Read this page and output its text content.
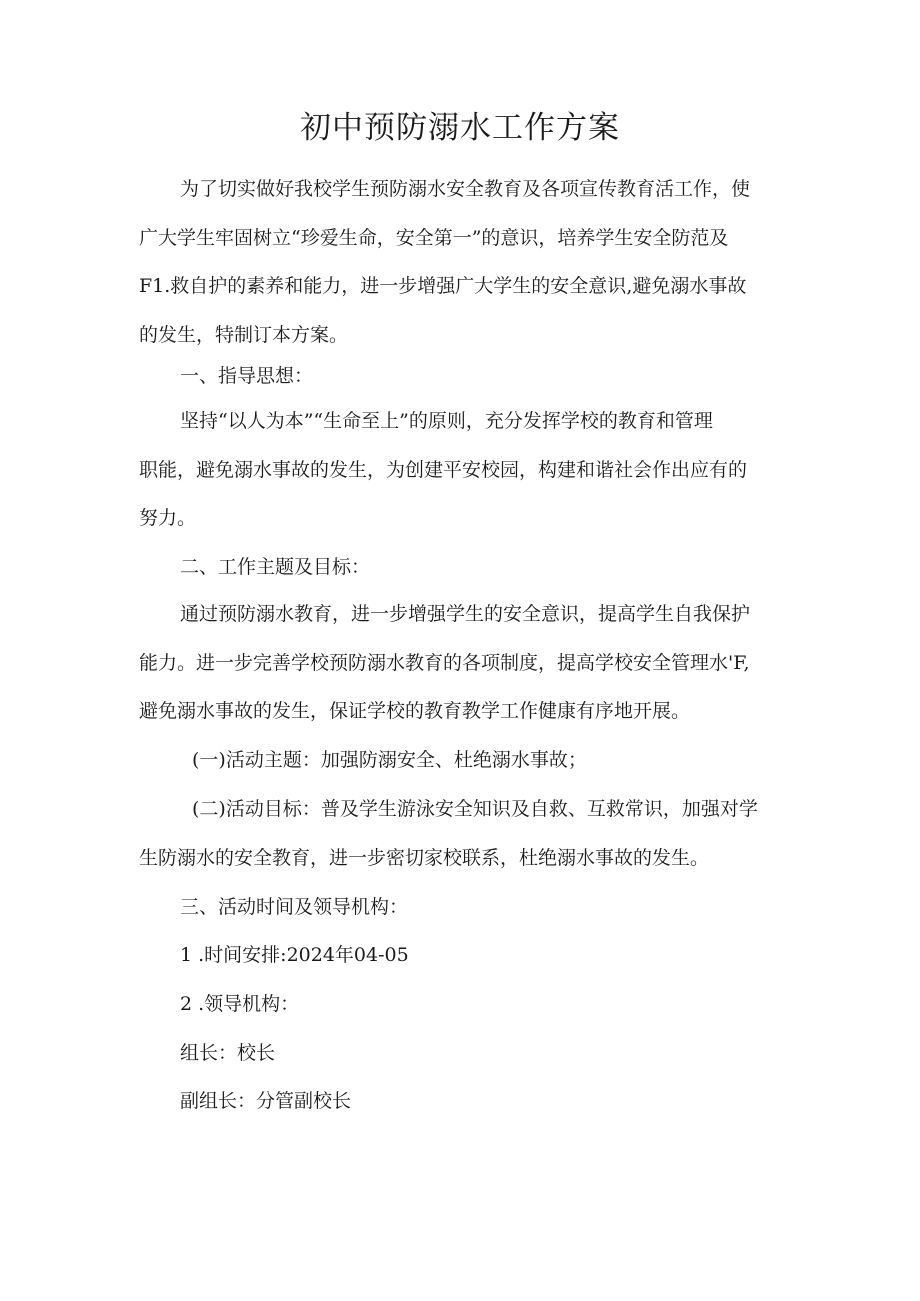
初中预防溺水工作方案
为了切实做好我校学生预防溺水安全教育及各项宣传教育活工作，使
广大学生牢固树立“珍爱生命，安全第一”的意识，培养学生安全防范及
F1.救自护的素养和能力，进一步增强广大学生的安全意识,避免溺水事故
的发生，特制订本方案。
一、指导思想：
坚持“以人为本”“生命至上”的原则，充分发挥学校的教育和管理
职能，避免溺水事故的发生，为创建平安校园，构建和谐社会作出应有的
努力。
二、工作主题及目标：
通过预防溺水教育，进一步增强学生的安全意识，提高学生自我保护
能力。进一步完善学校预防溺水教育的各项制度，提高学校安全管理水'F,
避免溺水事故的发生，保证学校的教育教学工作健康有序地开展。
(一)活动主题：加强防溺安全、杜绝溺水事故；
(二)活动目标：普及学生游泳安全知识及自救、互救常识，加强对学
生防溺水的安全教育，进一步密切家校联系，杜绝溺水事故的发生。
三、活动时间及领导机构：
1 .时间安排:2024年04-05
2 .领导机构：
组长：校长
副组长：分管副校长
